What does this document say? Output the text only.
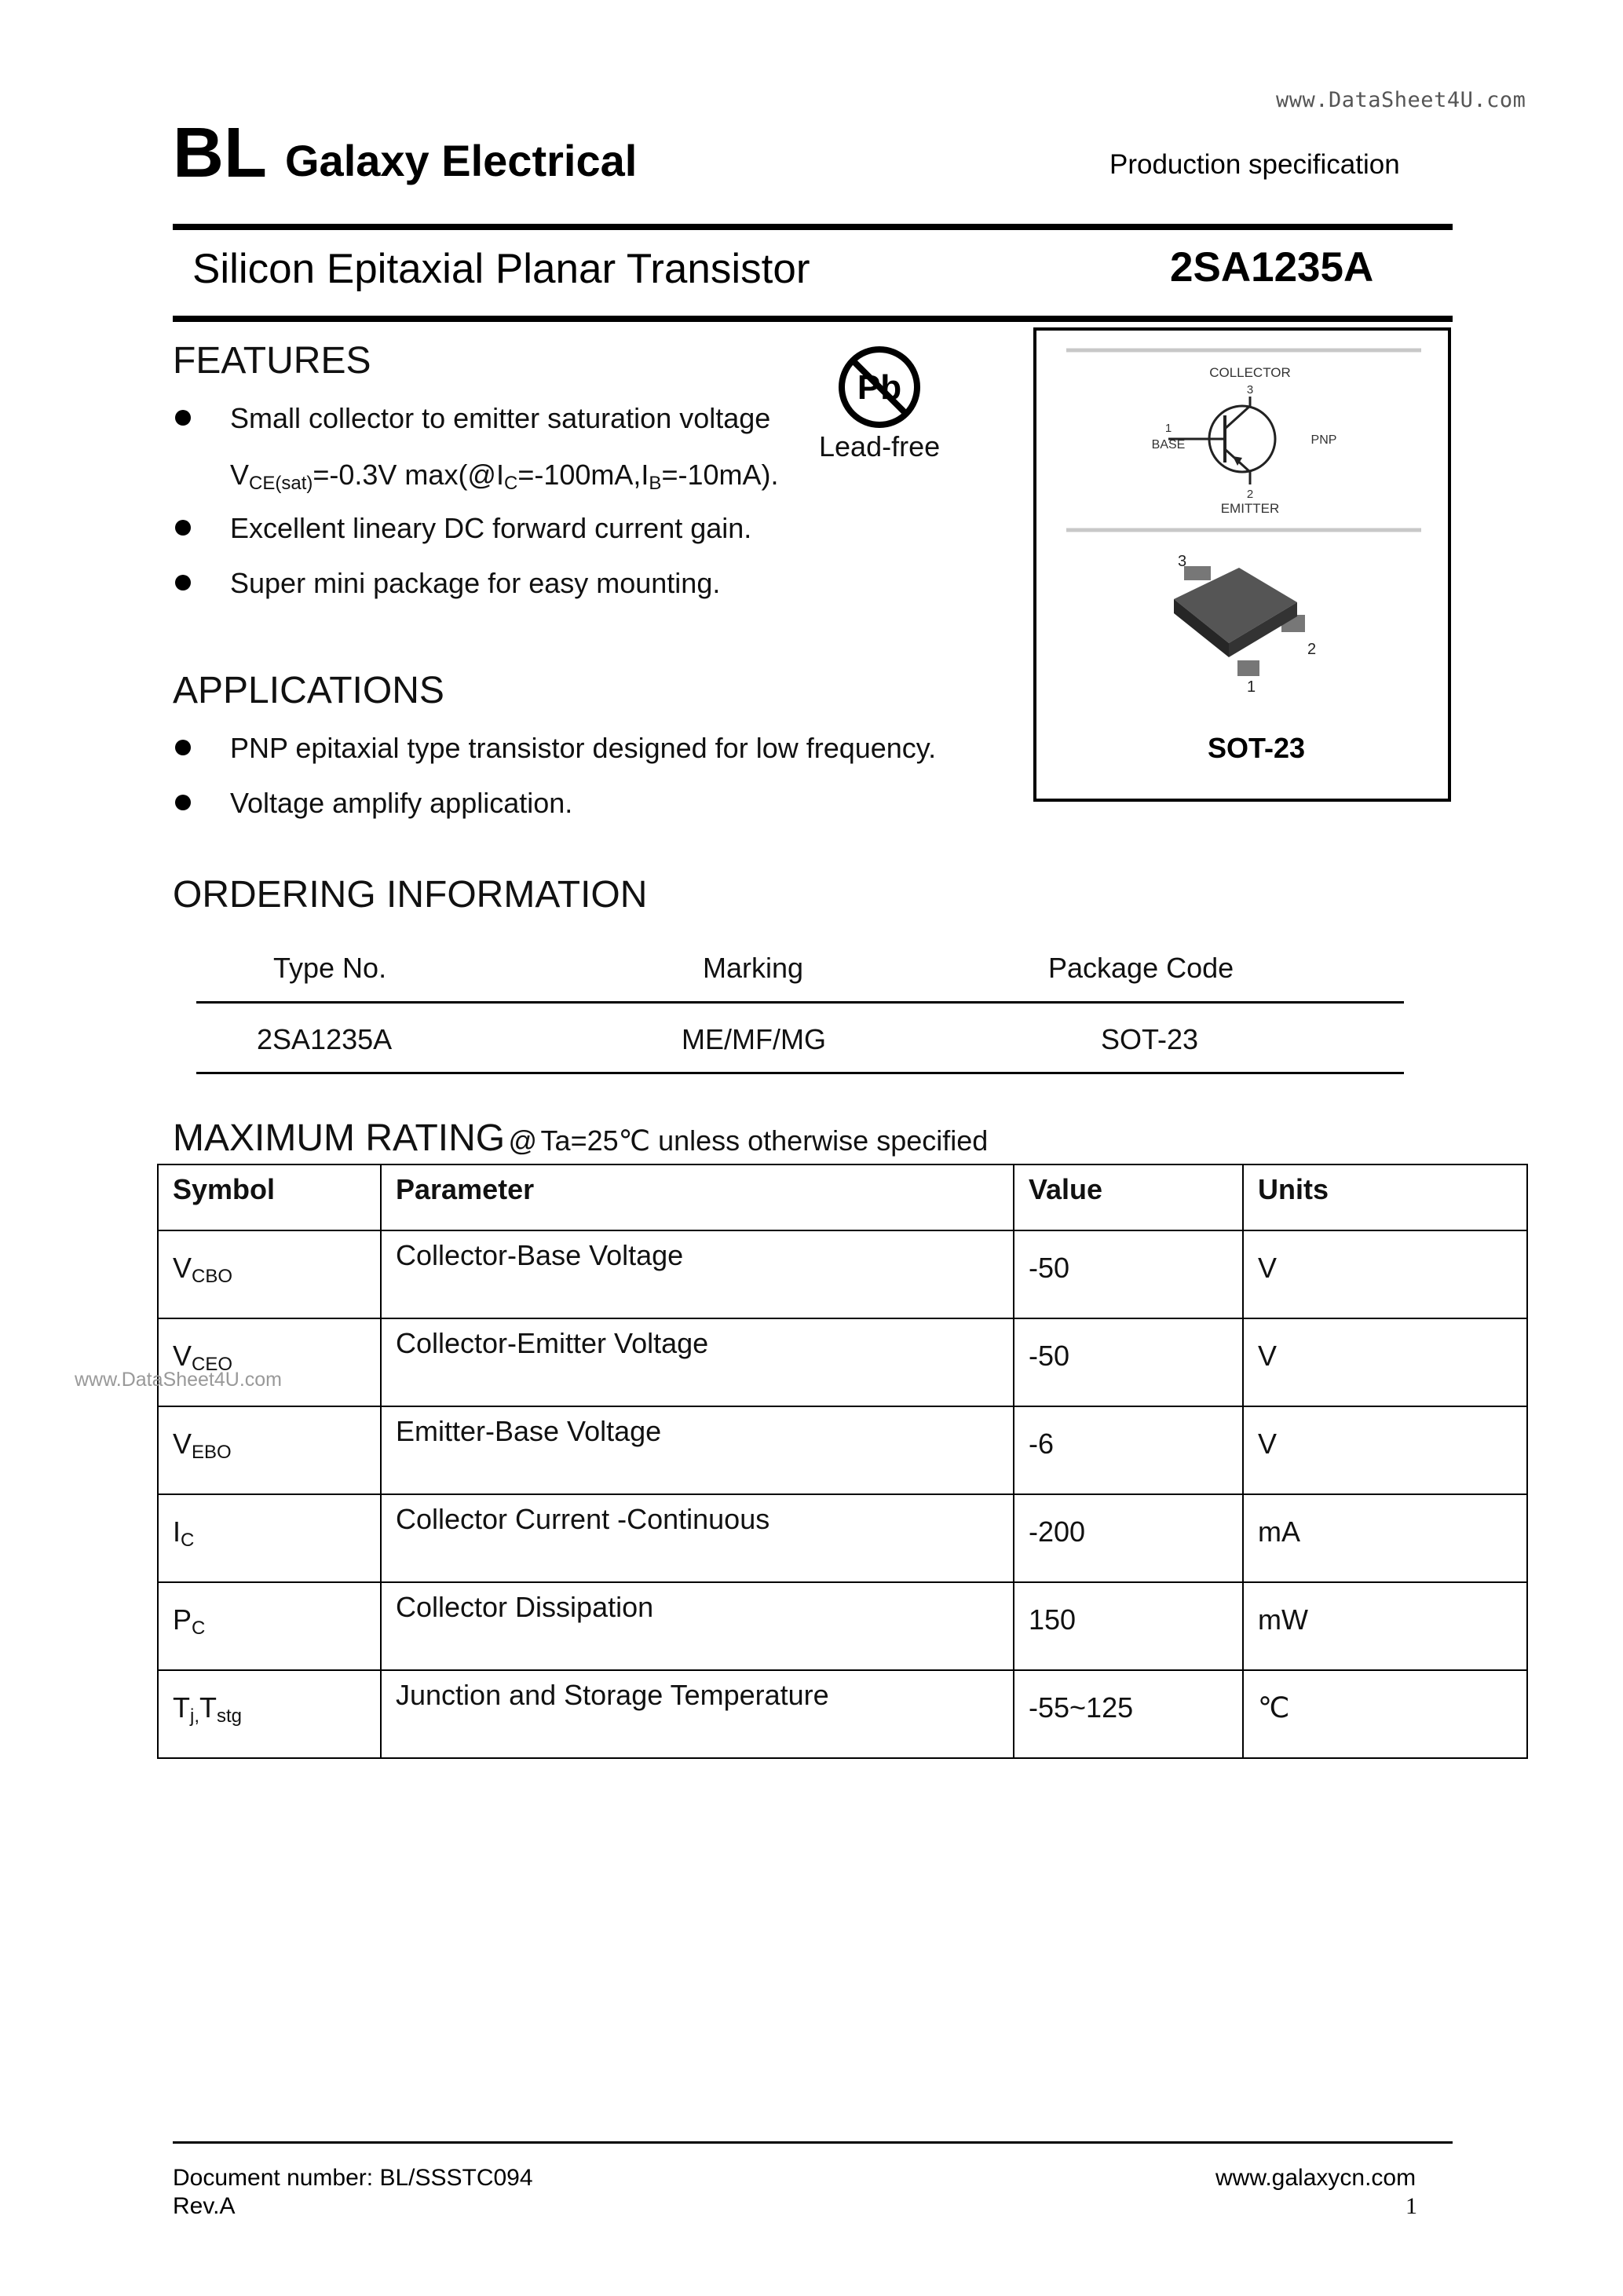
www.DataSheet4U.com
BL Galaxy Electrical	Production specification
Silicon Epitaxial Planar Transistor	2SA1235A
FEATURES
Small collector to emitter saturation voltage
$V_{CE(sat)}=-0.3V$ $\max(@I_C=-100mA,I_B=-10mA)$.
Excellent lineary DC forward current gain.
Super mini package for easy mounting.
Pb
Lead-free
COLLECTOR
3
1
BASE	PNP
2
EMITTER
3
2
1
SOT-23
APPLICATIONS
PNP epitaxial type transistor designed for low frequency.
Voltage amplify application.
ORDERING INFORMATION
Type No.	Marking	Package Code
2SA1235A	ME/MF/MG	SOT-23
MAXIMUM RATING @ Ta=25℃ unless otherwise specified
Symbol	Parameter	Value	Units
$V_{CBO}$	Collector-Base Voltage	-50	V
$V_{CEO}$	Collector-Emitter Voltage	-50	V
$V_{EBO}$	Emitter-Base Voltage	-6	V
$I_C$	Collector Current -Continuous	-200	mA
$P_C$	Collector Dissipation	150	mW
$T_{j,}T_{stg}$	Junction and Storage Temperature	-55~125	℃
www.DataSheet4U.com
Document number: BL/SSSTC094
Rev.A
www.galaxycn.com
1
